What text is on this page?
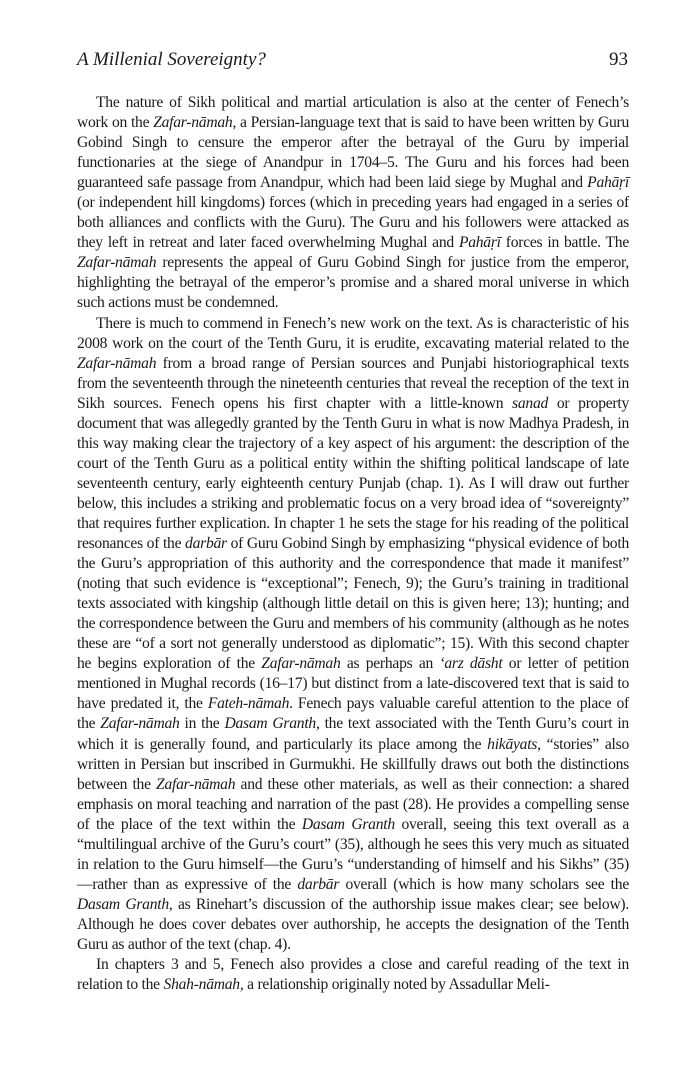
A Millenial Sovereignty?	93

The nature of Sikh political and martial articulation is also at the center of Fenech’s work on the Zafar-nāmah, a Persian-language text that is said to have been written by Guru Gobind Singh to censure the emperor after the betrayal of the Guru by imperial functionaries at the siege of Anandpur in 1704–5. The Guru and his forces had been guaranteed safe passage from Anandpur, which had been laid siege by Mughal and Pahāṛī (or independent hill kingdoms) forces (which in preceding years had engaged in a series of both alliances and conflicts with the Guru). The Guru and his followers were attacked as they left in retreat and later faced overwhelming Mughal and Pahāṛī forces in battle. The Zafar-nāmah represents the appeal of Guru Gobind Singh for justice from the emperor, highlighting the betrayal of the emperor’s promise and a shared moral universe in which such actions must be condemned.

There is much to commend in Fenech’s new work on the text. As is characteristic of his 2008 work on the court of the Tenth Guru, it is erudite, excavating material related to the Zafar-nāmah from a broad range of Persian sources and Punjabi historiographical texts from the seventeenth through the nineteenth centuries that reveal the reception of the text in Sikh sources. Fenech opens his first chapter with a little-known sanad or property document that was allegedly granted by the Tenth Guru in what is now Madhya Pradesh, in this way making clear the trajectory of a key aspect of his argument: the description of the court of the Tenth Guru as a political entity within the shifting political landscape of late seventeenth century, early eighteenth century Punjab (chap. 1). As I will draw out further below, this includes a striking and problematic focus on a very broad idea of “sovereignty” that requires further explication. In chapter 1 he sets the stage for his reading of the political resonances of the darbār of Guru Gobind Singh by emphasizing “physical evidence of both the Guru’s appropriation of this authority and the correspondence that made it manifest” (noting that such evidence is “exceptional”; Fenech, 9); the Guru’s training in traditional texts associated with kingship (although little detail on this is given here; 13); hunting; and the correspondence between the Guru and members of his community (although as he notes these are “of a sort not generally understood as diplomatic”; 15). With this second chapter he begins exploration of the Zafar-nāmah as perhaps an ‘arz dāsht or letter of petition mentioned in Mughal records (16–17) but distinct from a late-discovered text that is said to have predated it, the Fateh-nāmah. Fenech pays valuable careful attention to the place of the Zafar-nāmah in the Dasam Granth, the text associated with the Tenth Guru’s court in which it is generally found, and particularly its place among the hikāyats, “stories” also written in Persian but inscribed in Gurmukhi. He skillfully draws out both the distinctions between the Zafar-nāmah and these other materials, as well as their connection: a shared emphasis on moral teaching and narration of the past (28). He provides a compelling sense of the place of the text within the Dasam Granth overall, seeing this text overall as a “multilingual archive of the Guru’s court” (35), although he sees this very much as situated in relation to the Guru himself—the Guru’s “understanding of himself and his Sikhs” (35)—rather than as expressive of the darbār overall (which is how many scholars see the Dasam Granth, as Rinehart’s discussion of the authorship issue makes clear; see below). Although he does cover debates over authorship, he accepts the designation of the Tenth Guru as author of the text (chap. 4).

In chapters 3 and 5, Fenech also provides a close and careful reading of the text in relation to the Shah-nāmah, a relationship originally noted by Assadullar Meli-
